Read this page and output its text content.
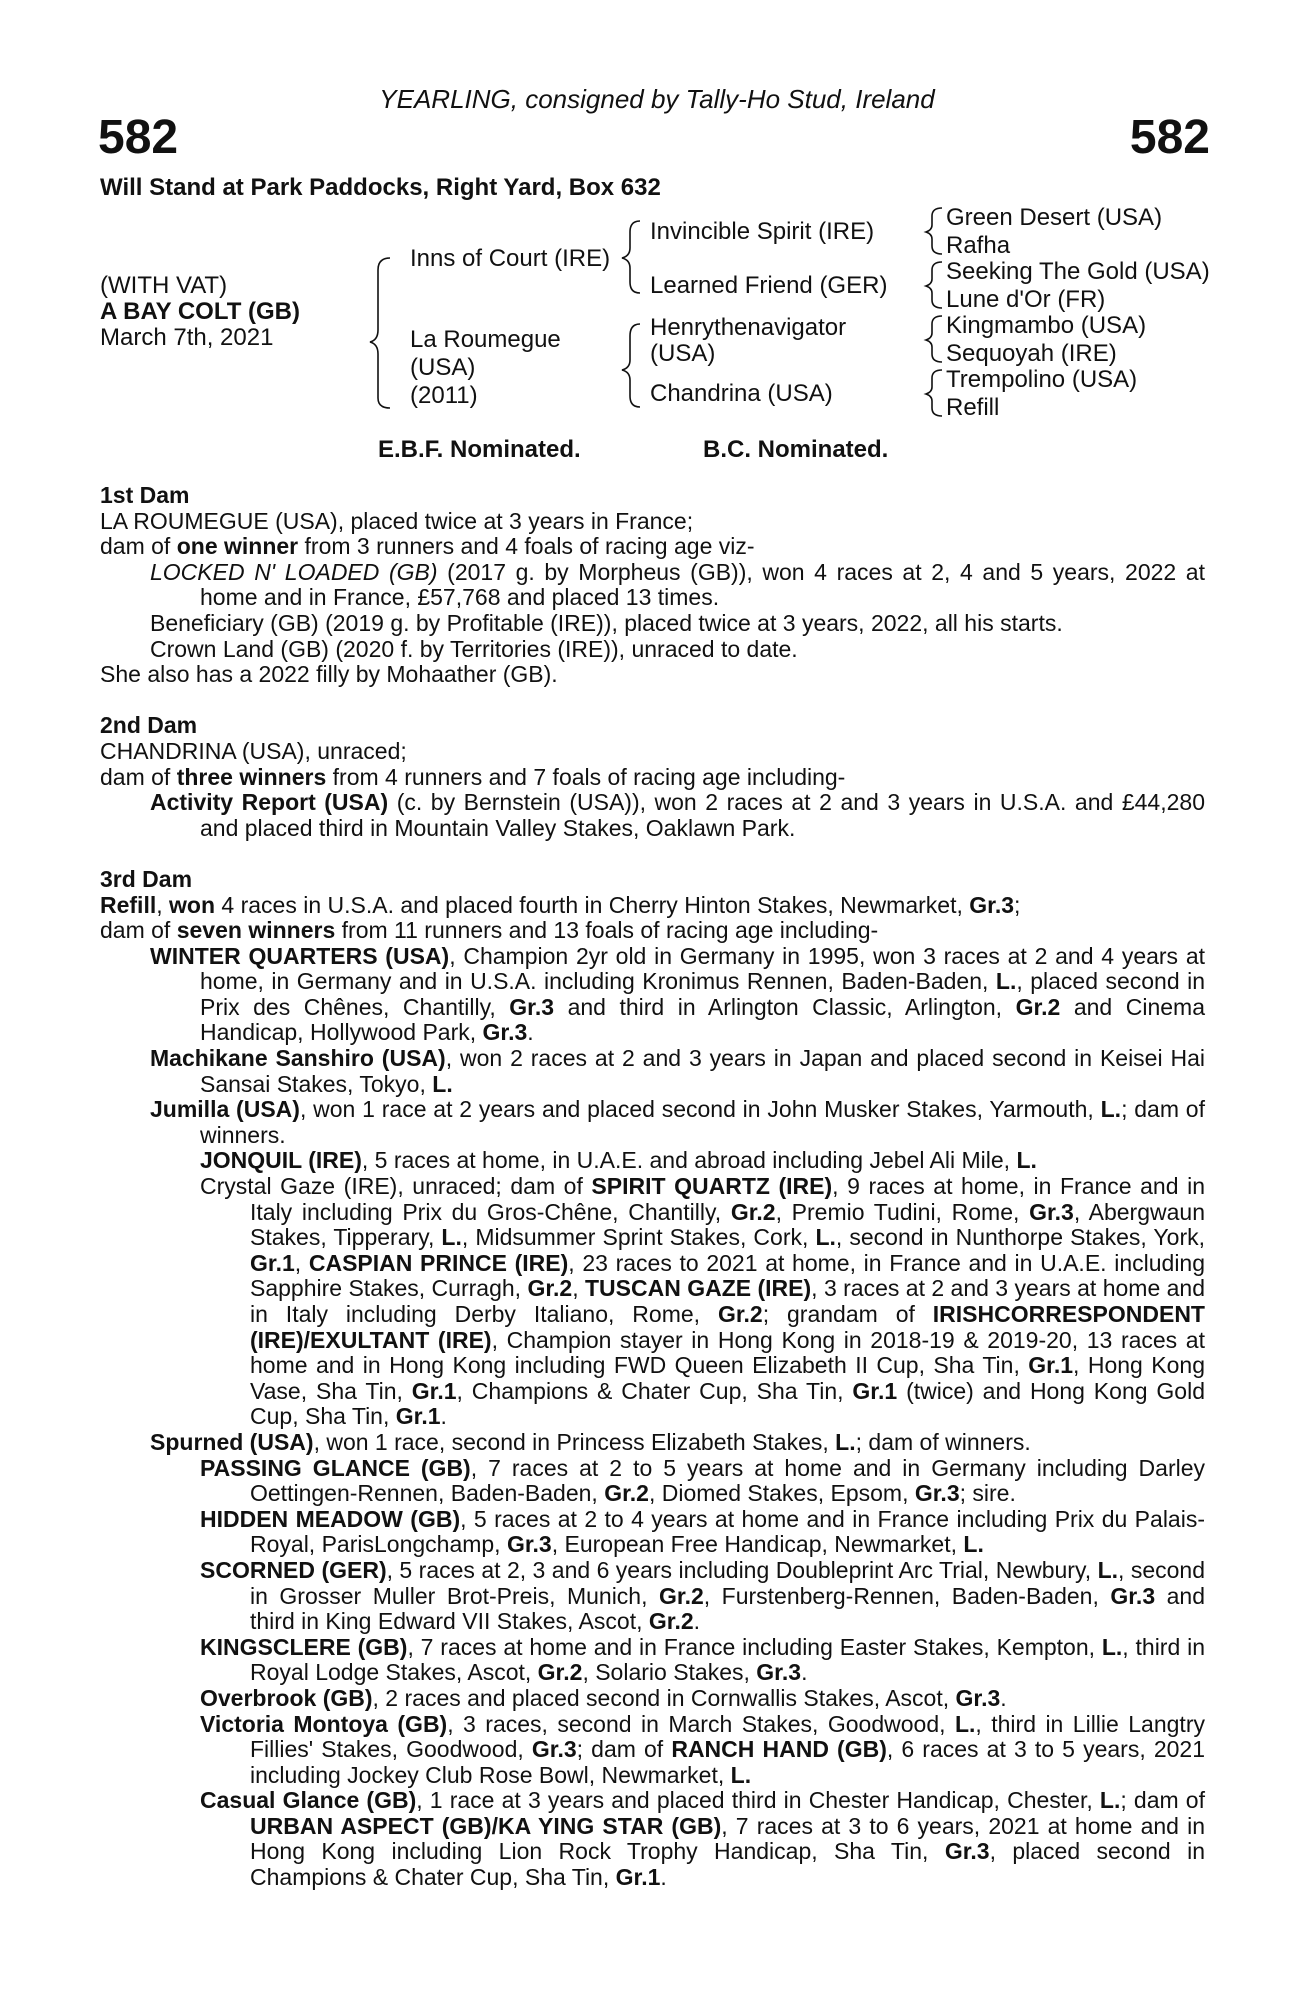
YEARLING, consigned by Tally-Ho Stud, Ireland
582	582
Will Stand at Park Paddocks, Right Yard, Box 632
(WITH VAT)
A BAY COLT (GB)
March 7th, 2021
Inns of Court (IRE)
La Roumegue
(USA)
(2011)
Invincible Spirit (IRE)
Learned Friend (GER)
Henrythenavigator
(USA)
Chandrina (USA)
Green Desert (USA)
Rafha
Seeking The Gold (USA)
Lune d'Or (FR)
Kingmambo (USA)
Sequoyah (IRE)
Trempolino (USA)
Refill
E.B.F. Nominated.	B.C. Nominated.
1st Dam
LA ROUMEGUE (USA), placed twice at 3 years in France;
dam of one winner from 3 runners and 4 foals of racing age viz-
LOCKED N' LOADED (GB) (2017 g. by Morpheus (GB)), won 4 races at 2, 4 and 5 years, 2022 at home and in France, £57,768 and placed 13 times.
Beneficiary (GB) (2019 g. by Profitable (IRE)), placed twice at 3 years, 2022, all his starts.
Crown Land (GB) (2020 f. by Territories (IRE)), unraced to date.
She also has a 2022 filly by Mohaather (GB).
2nd Dam
CHANDRINA (USA), unraced;
dam of three winners from 4 runners and 7 foals of racing age including-
Activity Report (USA) (c. by Bernstein (USA)), won 2 races at 2 and 3 years in U.S.A. and £44,280 and placed third in Mountain Valley Stakes, Oaklawn Park.
3rd Dam
Refill, won 4 races in U.S.A. and placed fourth in Cherry Hinton Stakes, Newmarket, Gr.3;
dam of seven winners from 11 runners and 13 foals of racing age including-
WINTER QUARTERS (USA), Champion 2yr old in Germany in 1995, won 3 races at 2 and 4 years at home, in Germany and in U.S.A. including Kronimus Rennen, Baden-Baden, L., placed second in Prix des Chênes, Chantilly, Gr.3 and third in Arlington Classic, Arlington, Gr.2 and Cinema Handicap, Hollywood Park, Gr.3.
Machikane Sanshiro (USA), won 2 races at 2 and 3 years in Japan and placed second in Keisei Hai Sansai Stakes, Tokyo, L.
Jumilla (USA), won 1 race at 2 years and placed second in John Musker Stakes, Yarmouth, L.; dam of winners.
JONQUIL (IRE), 5 races at home, in U.A.E. and abroad including Jebel Ali Mile, L.
Crystal Gaze (IRE), unraced; dam of SPIRIT QUARTZ (IRE), 9 races at home, in France and in Italy including Prix du Gros-Chêne, Chantilly, Gr.2, Premio Tudini, Rome, Gr.3, Abergwaun Stakes, Tipperary, L., Midsummer Sprint Stakes, Cork, L., second in Nunthorpe Stakes, York, Gr.1, CASPIAN PRINCE (IRE), 23 races to 2021 at home, in France and in U.A.E. including Sapphire Stakes, Curragh, Gr.2, TUSCAN GAZE (IRE), 3 races at 2 and 3 years at home and in Italy including Derby Italiano, Rome, Gr.2; grandam of IRISHCORRESPONDENT (IRE)/EXULTANT (IRE), Champion stayer in Hong Kong in 2018-19 & 2019-20, 13 races at home and in Hong Kong including FWD Queen Elizabeth II Cup, Sha Tin, Gr.1, Hong Kong Vase, Sha Tin, Gr.1, Champions & Chater Cup, Sha Tin, Gr.1 (twice) and Hong Kong Gold Cup, Sha Tin, Gr.1.
Spurned (USA), won 1 race, second in Princess Elizabeth Stakes, L.; dam of winners.
PASSING GLANCE (GB), 7 races at 2 to 5 years at home and in Germany including Darley Oettingen-Rennen, Baden-Baden, Gr.2, Diomed Stakes, Epsom, Gr.3; sire.
HIDDEN MEADOW (GB), 5 races at 2 to 4 years at home and in France including Prix du Palais-Royal, ParisLongchamp, Gr.3, European Free Handicap, Newmarket, L.
SCORNED (GER), 5 races at 2, 3 and 6 years including Doubleprint Arc Trial, Newbury, L., second in Grosser Muller Brot-Preis, Munich, Gr.2, Furstenberg-Rennen, Baden-Baden, Gr.3 and third in King Edward VII Stakes, Ascot, Gr.2.
KINGSCLERE (GB), 7 races at home and in France including Easter Stakes, Kempton, L., third in Royal Lodge Stakes, Ascot, Gr.2, Solario Stakes, Gr.3.
Overbrook (GB), 2 races and placed second in Cornwallis Stakes, Ascot, Gr.3.
Victoria Montoya (GB), 3 races, second in March Stakes, Goodwood, L., third in Lillie Langtry Fillies' Stakes, Goodwood, Gr.3; dam of RANCH HAND (GB), 6 races at 3 to 5 years, 2021 including Jockey Club Rose Bowl, Newmarket, L.
Casual Glance (GB), 1 race at 3 years and placed third in Chester Handicap, Chester, L.; dam of URBAN ASPECT (GB)/KA YING STAR (GB), 7 races at 3 to 6 years, 2021 at home and in Hong Kong including Lion Rock Trophy Handicap, Sha Tin, Gr.3, placed second in Champions & Chater Cup, Sha Tin, Gr.1.
